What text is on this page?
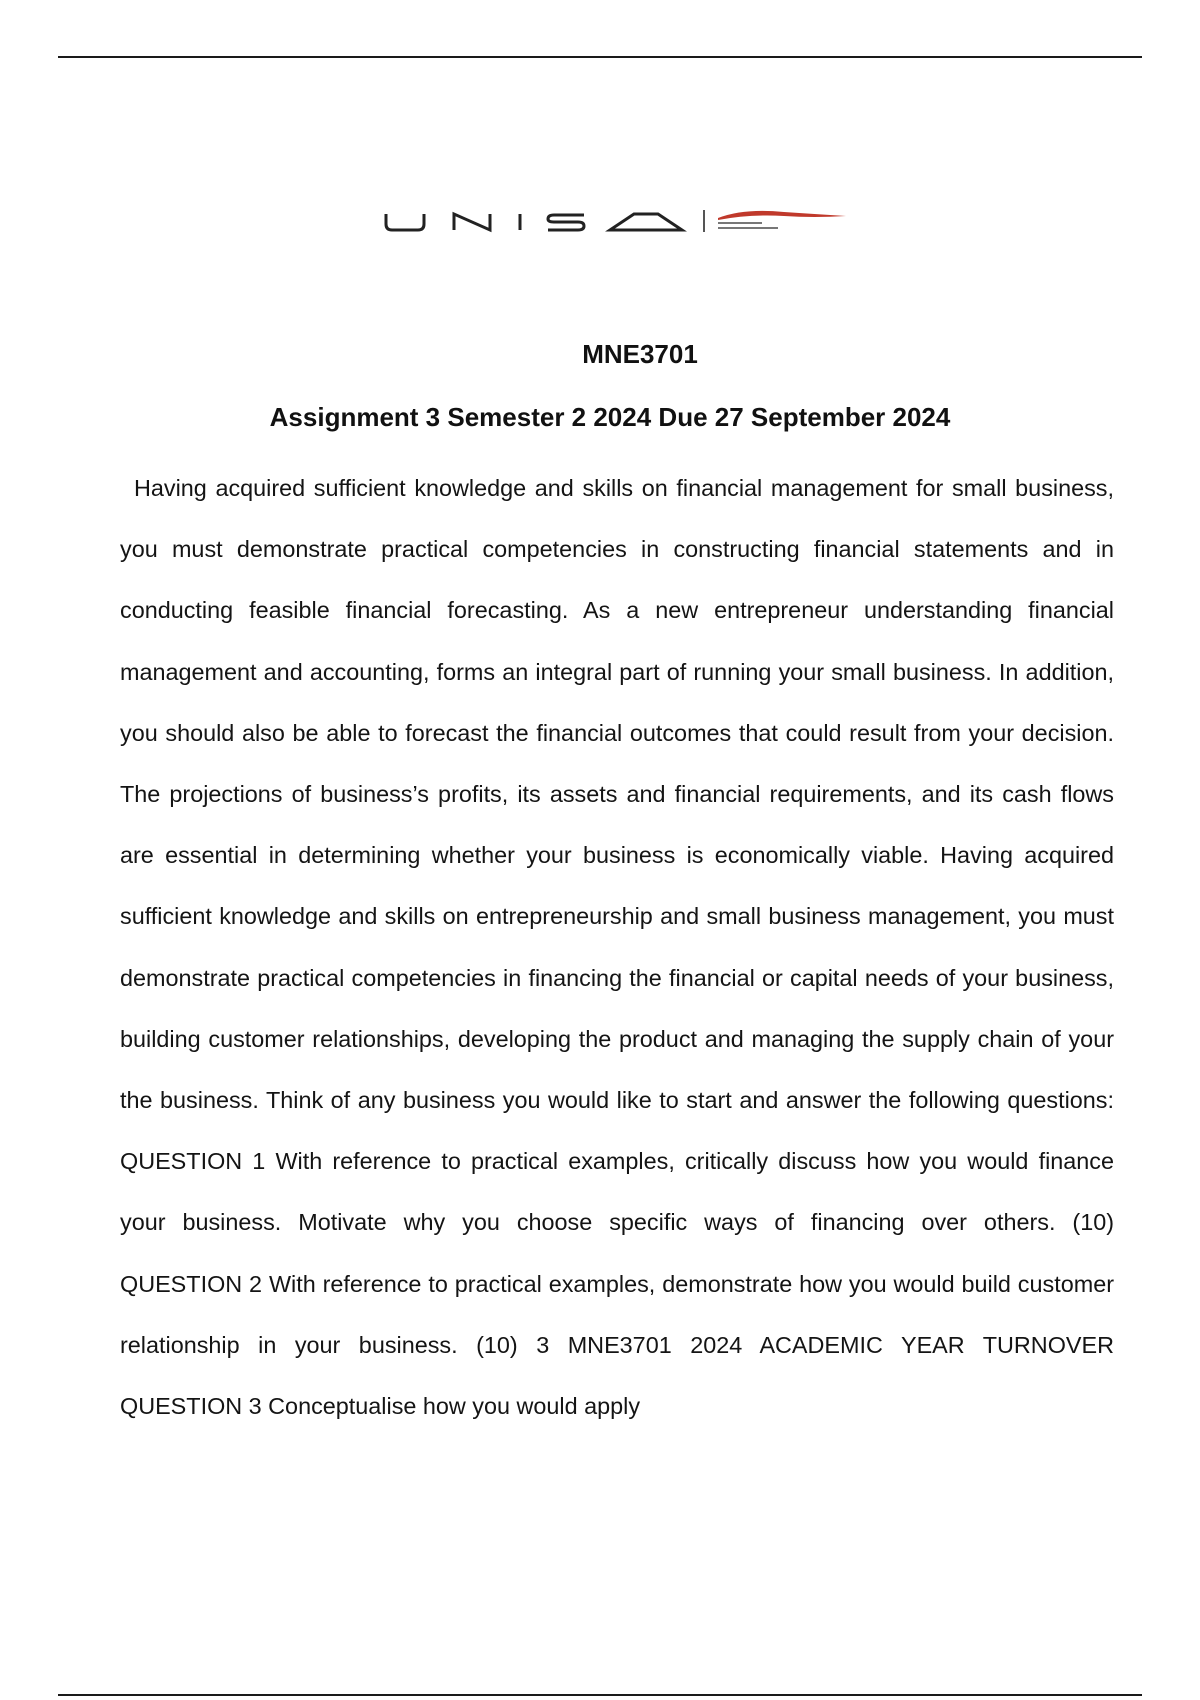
MNE3701
Assignment 3 Semester 2 2024 Due 27 September 2024

Having acquired sufficient knowledge and skills on financial management for small business, you must demonstrate practical competencies in constructing financial statements and in conducting feasible financial forecasting. As a new entrepreneur understanding financial management and accounting, forms an integral part of running your small business. In addition, you should also be able to forecast the financial outcomes that could result from your decision. The projections of business’s profits, its assets and financial requirements, and its cash flows are essential in determining whether your business is economically viable. Having acquired sufficient knowledge and skills on entrepreneurship and small business management, you must demonstrate practical competencies in financing the financial or capital needs of your business, building customer relationships, developing the product and managing the supply chain of your the business. Think of any business you would like to start and answer the following questions: QUESTION 1 With reference to practical examples, critically discuss how you would finance your business. Motivate why you choose specific ways of financing over others. (10) QUESTION 2 With reference to practical examples, demonstrate how you would build customer relationship in your business. (10) 3 MNE3701 2024 ACADEMIC YEAR TURNOVER QUESTION 3 Conceptualise how you would apply
